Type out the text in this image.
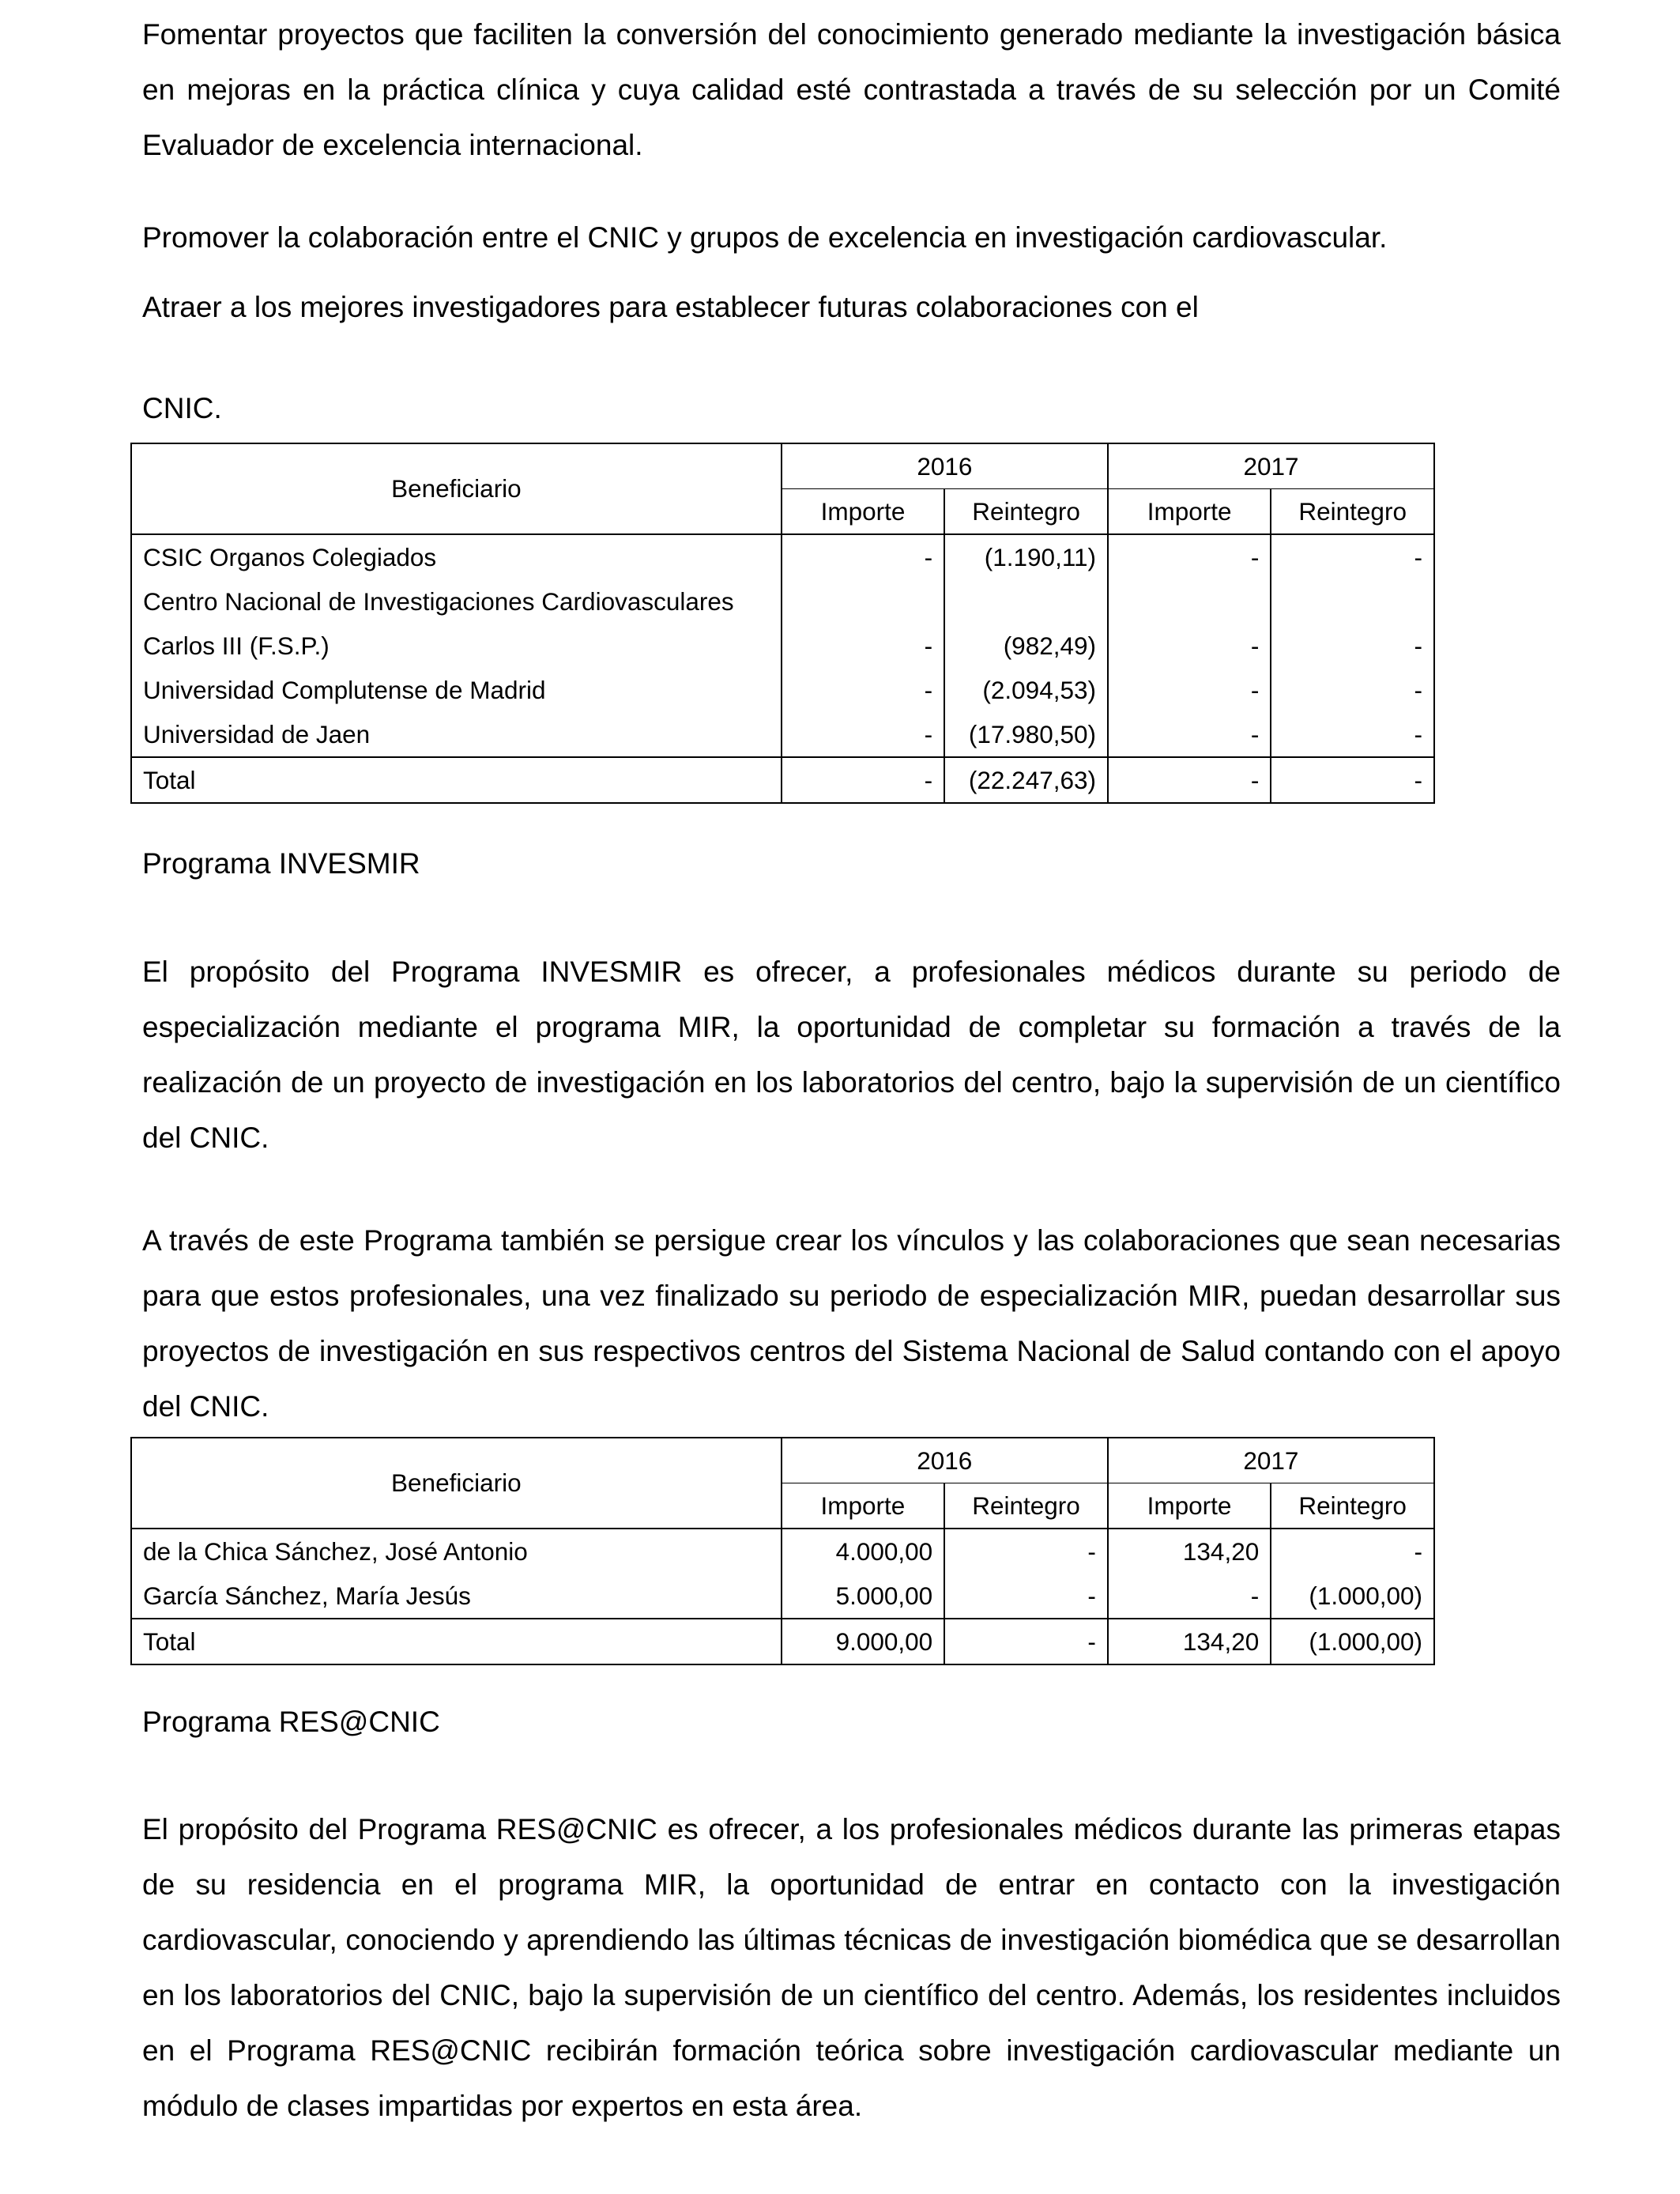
Fomentar proyectos que faciliten la conversión del conocimiento generado mediante la investigación básica en mejoras en la práctica clínica y cuya calidad esté contrastada a través de su selección por un Comité Evaluador de excelencia internacional.

Promover la colaboración entre el CNIC y grupos de excelencia en investigación cardiovascular.

Atraer a los mejores investigadores para establecer futuras colaboraciones con el

CNIC.

Beneficiario	2016		2017	
	Importe	Reintegro	Importe	Reintegro
CSIC Organos Colegiados	-	(1.190,11)	-	-
Centro Nacional de Investigaciones Cardiovasculares				
Carlos III (F.S.P.)	-	(982,49)	-	-
Universidad Complutense de Madrid	-	(2.094,53)	-	-
Universidad de Jaen	-	(17.980,50)	-	-
Total	-	(22.247,63)	-	-
Programa INVESMIR

El propósito del Programa INVESMIR es ofrecer, a profesionales médicos durante su periodo de especialización mediante el programa MIR, la oportunidad de completar su formación a través de la realización de un proyecto de investigación en los laboratorios del centro, bajo la supervisión de un científico del CNIC.

A través de este Programa también se persigue crear los vínculos y las colaboraciones que sean necesarias para que estos profesionales, una vez finalizado su periodo de especialización MIR, puedan desarrollar sus proyectos de investigación en sus respectivos centros del Sistema Nacional de Salud contando con el apoyo del CNIC.

Beneficiario	2016		2017	
	Importe	Reintegro	Importe	Reintegro
de la Chica Sánchez, José Antonio	4.000,00	-	134,20	-
García Sánchez, María Jesús	5.000,00	-	-	(1.000,00)
Total	9.000,00	-	134,20	(1.000,00)
Programa RES@CNIC

El propósito del Programa RES@CNIC es ofrecer, a los profesionales médicos durante las primeras etapas de su residencia en el programa MIR, la oportunidad de entrar en contacto con la investigación cardiovascular, conociendo y aprendiendo las últimas técnicas de investigación biomédica que se desarrollan en los laboratorios del CNIC, bajo la supervisión de un científico del centro. Además, los residentes incluidos en el Programa RES@CNIC recibirán formación teórica sobre investigación cardiovascular mediante un módulo de clases impartidas por expertos en esta área.
